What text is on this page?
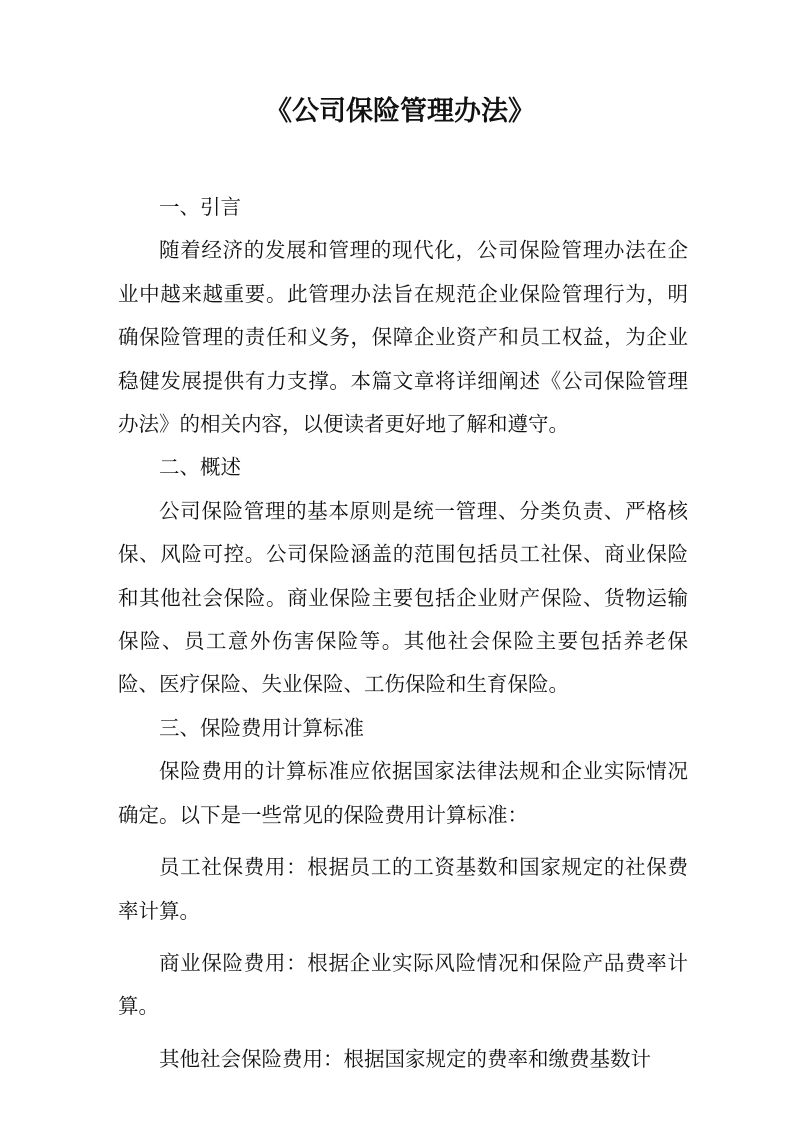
《公司保险管理办法》

一、引言

随着经济的发展和管理的现代化，公司保险管理办法在企业中越来越重要。此管理办法旨在规范企业保险管理行为，明确保险管理的责任和义务，保障企业资产和员工权益，为企业稳健发展提供有力支撑。本篇文章将详细阐述《公司保险管理办法》的相关内容，以便读者更好地了解和遵守。

二、概述

公司保险管理的基本原则是统一管理、分类负责、严格核保、风险可控。公司保险涵盖的范围包括员工社保、商业保险和其他社会保险。商业保险主要包括企业财产保险、货物运输保险、员工意外伤害保险等。其他社会保险主要包括养老保险、医疗保险、失业保险、工伤保险和生育保险。

三、保险费用计算标准

保险费用的计算标准应依据国家法律法规和企业实际情况确定。以下是一些常见的保险费用计算标准：

员工社保费用：根据员工的工资基数和国家规定的社保费率计算。

商业保险费用：根据企业实际风险情况和保险产品费率计算。

其他社会保险费用：根据国家规定的费率和缴费基数计
